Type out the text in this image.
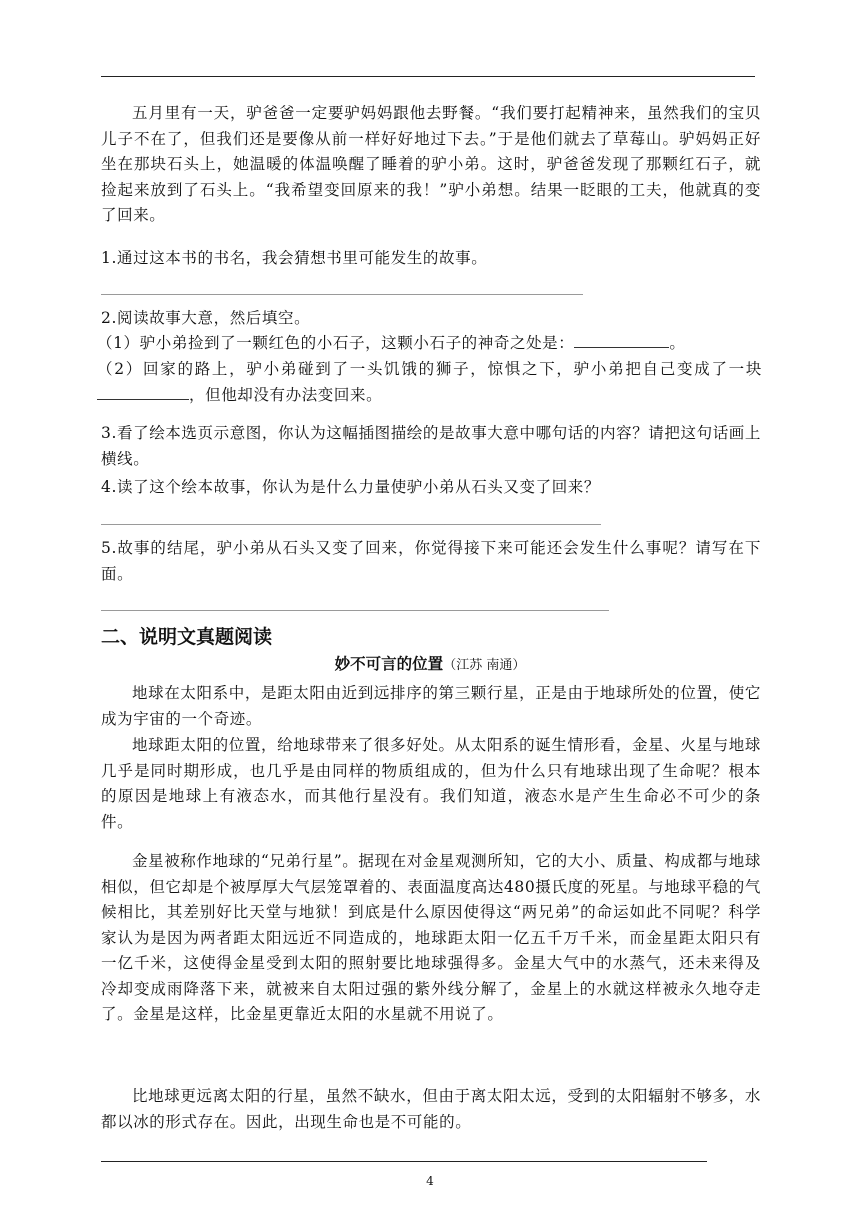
五月里有一天，驴爸爸一定要驴妈妈跟他去野餐。“我们要打起精神来，虽然我们的宝贝儿子不在了，但我们还是要像从前一样好好地过下去。”于是他们就去了草莓山。驴妈妈正好坐在那块石头上，她温暖的体温唤醒了睡着的驴小弟。这时，驴爸爸发现了那颗红石子，就捡起来放到了石头上。“我希望变回原来的我！”驴小弟想。结果一眨眼的工夫，他就真的变了回来。
1.通过这本书的书名，我会猜想书里可能发生的故事。
2.阅读故事大意，然后填空。
（1）驴小弟捡到了一颗红色的小石子，这颗小石子的神奇之处是：	。
（2）回家的路上，驴小弟碰到了一头饥饿的狮子，惊惧之下，驴小弟把自己变成了一块，但他却没有办法变回来。
3.看了绘本选页示意图，你认为这幅插图描绘的是故事大意中哪句话的内容？请把这句话画上横线。
4.读了这个绘本故事，你认为是什么力量使驴小弟从石头又变了回来？
5.故事的结尾，驴小弟从石头又变了回来，你觉得接下来可能还会发生什么事呢？请写在下面。
二、说明文真题阅读
妙不可言的位置（江苏 南通）
地球在太阳系中，是距太阳由近到远排序的第三颗行星，正是由于地球所处的位置，使它成为宇宙的一个奇迹。
地球距太阳的位置，给地球带来了很多好处。从太阳系的诞生情形看，金星、火星与地球几乎是同时期形成，也几乎是由同样的物质组成的，但为什么只有地球出现了生命呢？根本的原因是地球上有液态水，而其他行星没有。我们知道，液态水是产生生命必不可少的条件。
金星被称作地球的“兄弟行星”。据现在对金星观测所知，它的大小、质量、构成都与地球相似，但它却是个被厚厚大气层笼罩着的、表面温度高达480摄氏度的死星。与地球平稳的气候相比，其差别好比天堂与地狱！到底是什么原因使得这“两兄弟”的命运如此不同呢？科学家认为是因为两者距太阳远近不同造成的，地球距太阳一亿五千万千米，而金星距太阳只有一亿千米，这使得金星受到太阳的照射要比地球强得多。金星大气中的水蒸气，还未来得及冷却变成雨降落下来，就被来自太阳过强的紫外线分解了，金星上的水就这样被永久地夺走了。金星是这样，比金星更靠近太阳的水星就不用说了。
比地球更远离太阳的行星，虽然不缺水，但由于离太阳太远，受到的太阳辐射不够多，水都以冰的形式存在。因此，出现生命也是不可能的。
4
